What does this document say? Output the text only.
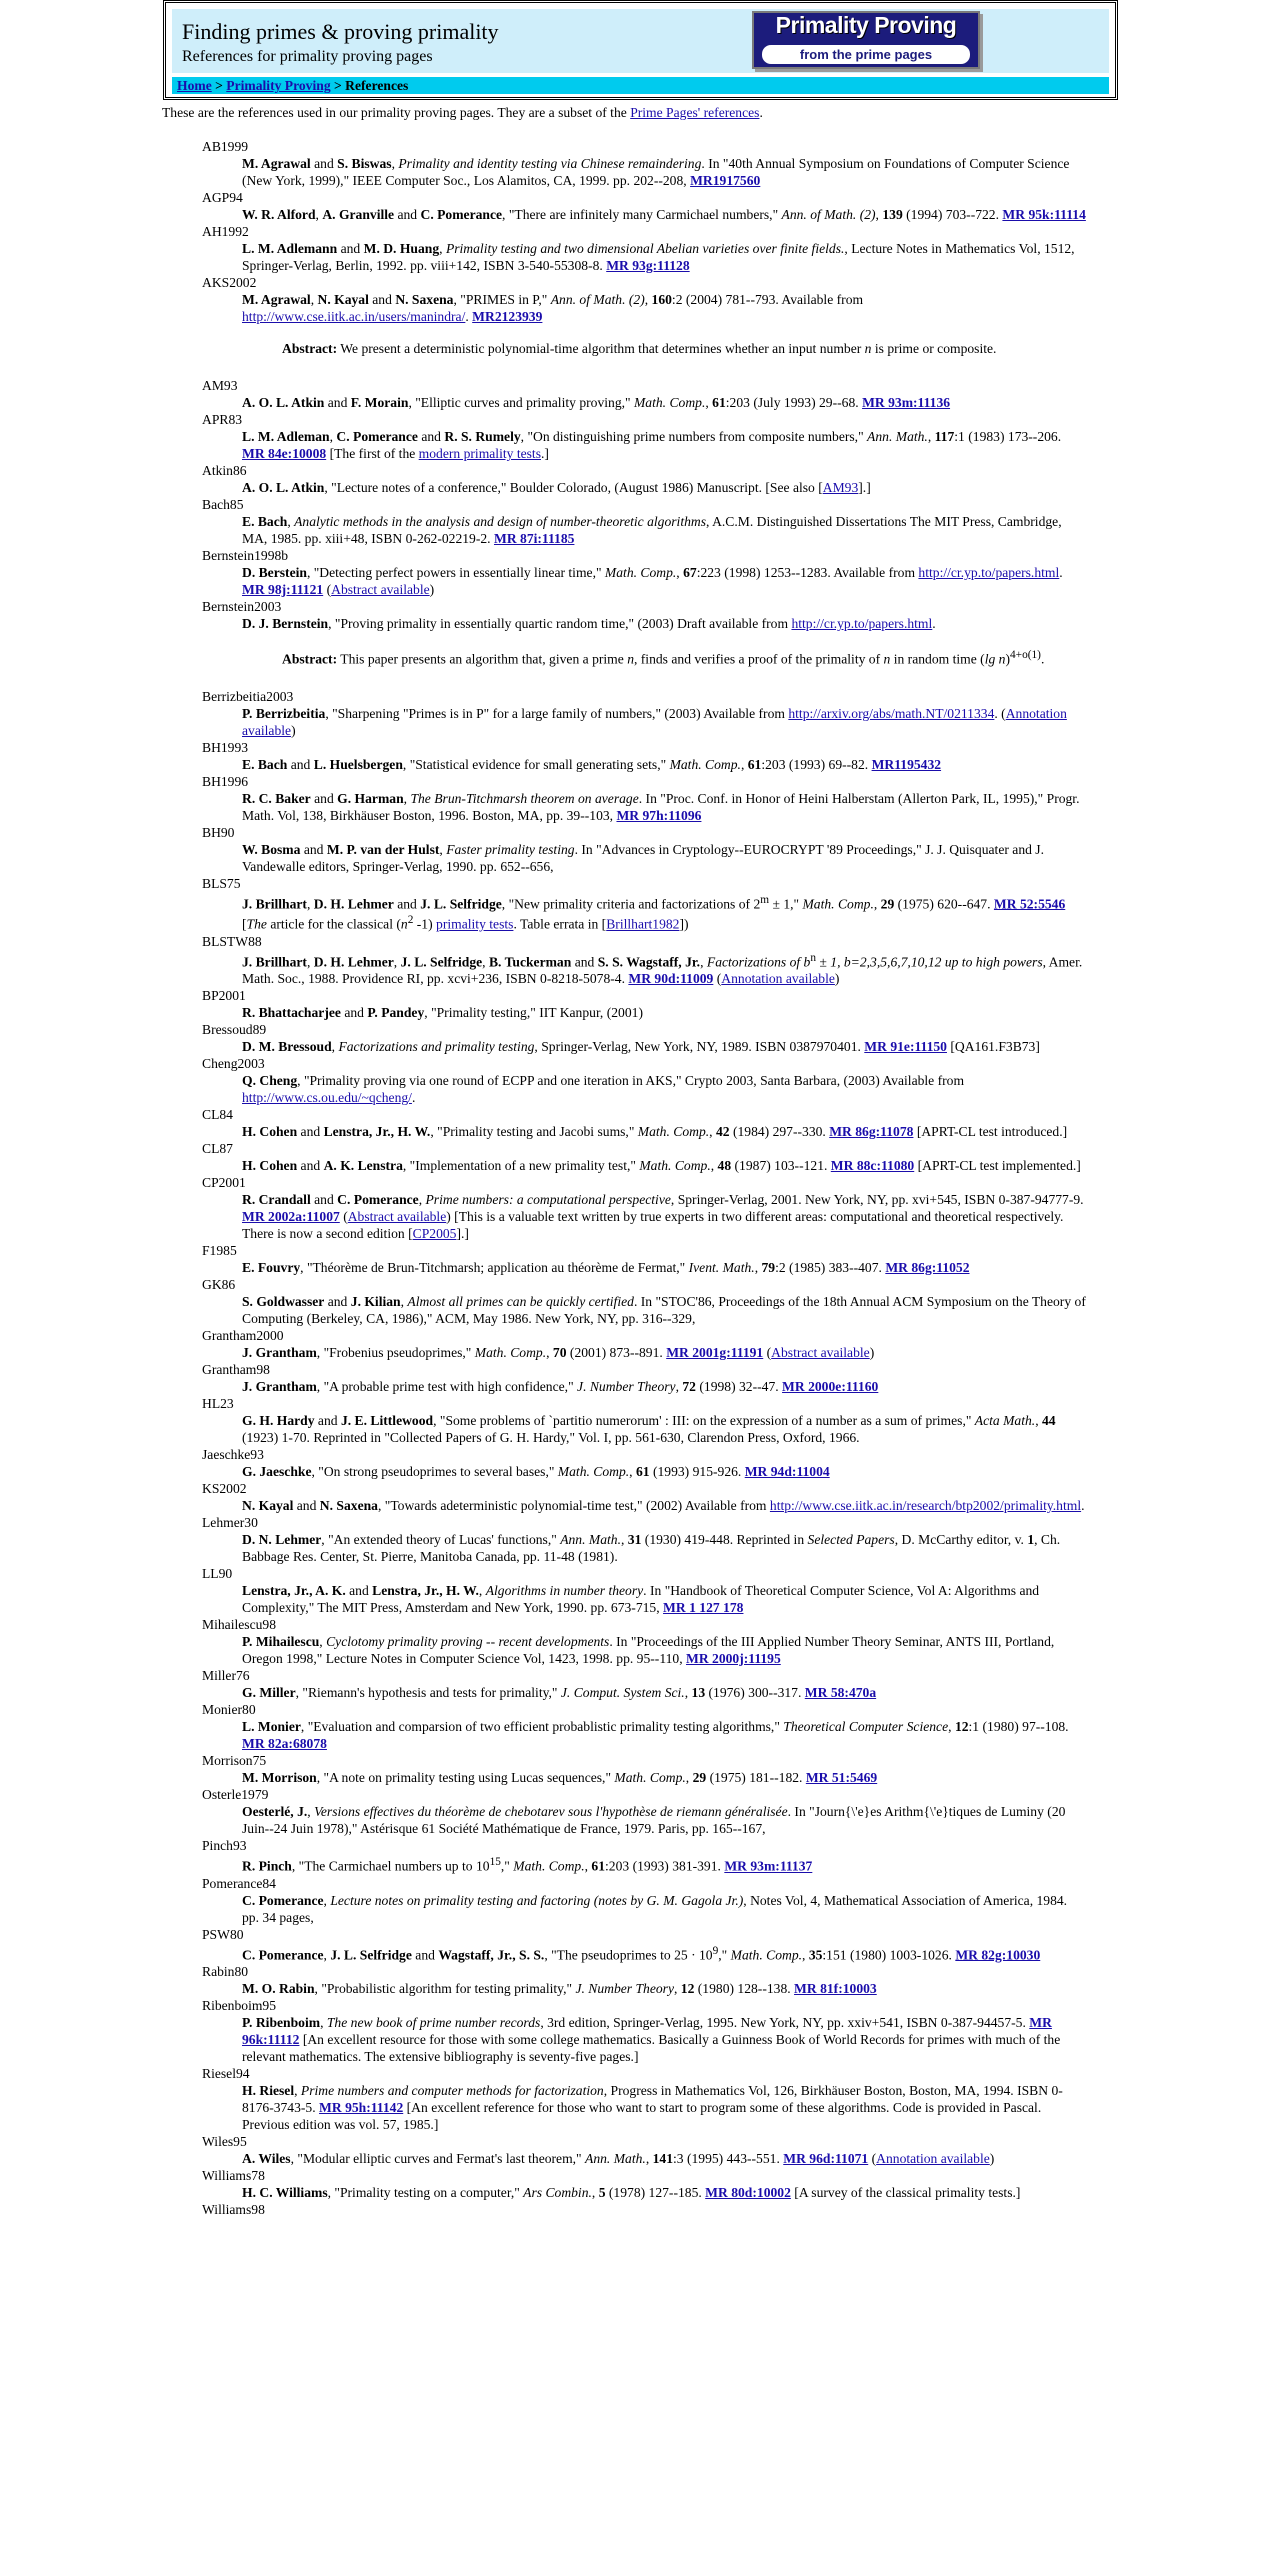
Finding primes & proving primality
References for primality proving pages
Primality Proving
from the prime pages
Home > Primality Proving > References
These are the references used in our primality proving pages. They are a subset of the Prime Pages' references.
AB1999
M. Agrawal and S. Biswas, Primality and identity testing via Chinese remaindering. In "40th Annual Symposium on Foundations of Computer Science (New York, 1999)," IEEE Computer Soc., Los Alamitos, CA, 1999. pp. 202--208, MR1917560
AGP94
W. R. Alford, A. Granville and C. Pomerance, "There are infinitely many Carmichael numbers," Ann. of Math. (2), 139 (1994) 703--722. MR 95k:11114
AH1992
L. M. Adlemann and M. D. Huang, Primality testing and two dimensional Abelian varieties over finite fields., Lecture Notes in Mathematics Vol, 1512, Springer-Verlag, Berlin, 1992. pp. viii+142, ISBN 3-540-55308-8. MR 93g:11128
AKS2002
M. Agrawal, N. Kayal and N. Saxena, "PRIMES in P," Ann. of Math. (2), 160:2 (2004) 781--793. Available from http://www.cse.iitk.ac.in/users/manindra/. MR2123939
Abstract: We present a deterministic polynomial-time algorithm that determines whether an input number n is prime or composite.
AM93
A. O. L. Atkin and F. Morain, "Elliptic curves and primality proving," Math. Comp., 61:203 (July 1993) 29--68. MR 93m:11136
APR83
L. M. Adleman, C. Pomerance and R. S. Rumely, "On distinguishing prime numbers from composite numbers," Ann. Math., 117:1 (1983) 173--206. MR 84e:10008 [The first of the modern primality tests.]
Atkin86
A. O. L. Atkin, "Lecture notes of a conference," Boulder Colorado, (August 1986) Manuscript. [See also [AM93].]
Bach85
E. Bach, Analytic methods in the analysis and design of number-theoretic algorithms, A.C.M. Distinguished Dissertations The MIT Press, Cambridge, MA, 1985. pp. xiii+48, ISBN 0-262-02219-2. MR 87i:11185
Bernstein1998b
D. Berstein, "Detecting perfect powers in essentially linear time," Math. Comp., 67:223 (1998) 1253--1283. Available from http://cr.yp.to/papers.html. MR 98j:11121 (Abstract available)
Bernstein2003
D. J. Bernstein, "Proving primality in essentially quartic random time," (2003) Draft available from http://cr.yp.to/papers.html.
Abstract: This paper presents an algorithm that, given a prime n, finds and verifies a proof of the primality of n in random time (lg n)$^{4+o(1)}$.
Berrizbeitia2003
P. Berrizbeitia, "Sharpening "Primes is in P" for a large family of numbers," (2003) Available from http://arxiv.org/abs/math.NT/0211334. (Annotation available)
BH1993
E. Bach and L. Huelsbergen, "Statistical evidence for small generating sets," Math. Comp., 61:203 (1993) 69--82. MR1195432
BH1996
R. C. Baker and G. Harman, The Brun-Titchmarsh theorem on average. In "Proc. Conf. in Honor of Heini Halberstam (Allerton Park, IL, 1995)," Progr. Math. Vol, 138, Birkhäuser Boston, 1996. Boston, MA, pp. 39--103, MR 97h:11096
BH90
W. Bosma and M. P. van der Hulst, Faster primality testing. In "Advances in Cryptology--EUROCRYPT '89 Proceedings," J. J. Quisquater and J. Vandewalle editors, Springer-Verlag, 1990. pp. 652--656,
BLS75
J. Brillhart, D. H. Lehmer and J. L. Selfridge, "New primality criteria and factorizations of $2^m \pm 1$," Math. Comp., 29 (1975) 620--647. MR 52:5546 [The article for the classical ($n^2$ -1) primality tests. Table errata in [Brillhart1982])
BLSTW88
J. Brillhart, D. H. Lehmer, J. L. Selfridge, B. Tuckerman and S. S. Wagstaff, Jr., Factorizations of $b^n \pm 1$, b=2,3,5,6,7,10,12 up to high powers, Amer. Math. Soc., 1988. Providence RI, pp. xcvi+236, ISBN 0-8218-5078-4. MR 90d:11009 (Annotation available)
BP2001
R. Bhattacharjee and P. Pandey, "Primality testing," IIT Kanpur, (2001)
Bressoud89
D. M. Bressoud, Factorizations and primality testing, Springer-Verlag, New York, NY, 1989. ISBN 0387970401. MR 91e:11150 [QA161.F3B73]
Cheng2003
Q. Cheng, "Primality proving via one round of ECPP and one iteration in AKS," Crypto 2003, Santa Barbara, (2003) Available from http://www.cs.ou.edu/~qcheng/.
CL84
H. Cohen and Lenstra, Jr., H. W., "Primality testing and Jacobi sums," Math. Comp., 42 (1984) 297--330. MR 86g:11078 [APRT-CL test introduced.]
CL87
H. Cohen and A. K. Lenstra, "Implementation of a new primality test," Math. Comp., 48 (1987) 103--121. MR 88c:11080 [APRT-CL test implemented.]
CP2001
R. Crandall and C. Pomerance, Prime numbers: a computational perspective, Springer-Verlag, 2001. New York, NY, pp. xvi+545, ISBN 0-387-94777-9. MR 2002a:11007 (Abstract available) [This is a valuable text written by true experts in two different areas: computational and theoretical respectively. There is now a second edition [CP2005].]
F1985
E. Fouvry, "Théorème de Brun-Titchmarsh; application au théorème de Fermat," Ivent. Math., 79:2 (1985) 383--407. MR 86g:11052
GK86
S. Goldwasser and J. Kilian, Almost all primes can be quickly certified. In "STOC'86, Proceedings of the 18th Annual ACM Symposium on the Theory of Computing (Berkeley, CA, 1986)," ACM, May 1986. New York, NY, pp. 316--329,
Grantham2000
J. Grantham, "Frobenius pseudoprimes," Math. Comp., 70 (2001) 873--891. MR 2001g:11191 (Abstract available)
Grantham98
J. Grantham, "A probable prime test with high confidence," J. Number Theory, 72 (1998) 32--47. MR 2000e:11160
HL23
G. H. Hardy and J. E. Littlewood, "Some problems of `partitio numerorum' : III: on the expression of a number as a sum of primes," Acta Math., 44 (1923) 1-70. Reprinted in "Collected Papers of G. H. Hardy," Vol. I, pp. 561-630, Clarendon Press, Oxford, 1966.
Jaeschke93
G. Jaeschke, "On strong pseudoprimes to several bases," Math. Comp., 61 (1993) 915-926. MR 94d:11004
KS2002
N. Kayal and N. Saxena, "Towards adeterministic polynomial-time test," (2002) Available from http://www.cse.iitk.ac.in/research/btp2002/primality.html.
Lehmer30
D. N. Lehmer, "An extended theory of Lucas' functions," Ann. Math., 31 (1930) 419-448. Reprinted in Selected Papers, D. McCarthy editor, v. 1, Ch. Babbage Res. Center, St. Pierre, Manitoba Canada, pp. 11-48 (1981).
LL90
Lenstra, Jr., A. K. and Lenstra, Jr., H. W., Algorithms in number theory. In "Handbook of Theoretical Computer Science, Vol A: Algorithms and Complexity," The MIT Press, Amsterdam and New York, 1990. pp. 673-715, MR 1 127 178
Mihailescu98
P. Mihailescu, Cyclotomy primality proving -- recent developments. In "Proceedings of the III Applied Number Theory Seminar, ANTS III, Portland, Oregon 1998," Lecture Notes in Computer Science Vol, 1423, 1998. pp. 95--110, MR 2000j:11195
Miller76
G. Miller, "Riemann's hypothesis and tests for primality," J. Comput. System Sci., 13 (1976) 300--317. MR 58:470a
Monier80
L. Monier, "Evaluation and comparsion of two efficient probablistic primality testing algorithms," Theoretical Computer Science, 12:1 (1980) 97--108. MR 82a:68078
Morrison75
M. Morrison, "A note on primality testing using Lucas sequences," Math. Comp., 29 (1975) 181--182. MR 51:5469
Osterle1979
Oesterlé, J., Versions effectives du théorème de chebotarev sous l'hypothèse de riemann généralisée. In "Journ{\'e}es Arithm{\'e}tiques de Luminy (20 Juin--24 Juin 1978)," Astérisque 61 Société Mathématique de France, 1979. Paris, pp. 165--167,
Pinch93
R. Pinch, "The Carmichael numbers up to $10^{15}$," Math. Comp., 61:203 (1993) 381-391. MR 93m:11137
Pomerance84
C. Pomerance, Lecture notes on primality testing and factoring (notes by G. M. Gagola Jr.), Notes Vol, 4, Mathematical Association of America, 1984. pp. 34 pages,
PSW80
C. Pomerance, J. L. Selfridge and Wagstaff, Jr., S. S., "The pseudoprimes to $25 \cdot 10^9$," Math. Comp., 35:151 (1980) 1003-1026. MR 82g:10030
Rabin80
M. O. Rabin, "Probabilistic algorithm for testing primality," J. Number Theory, 12 (1980) 128--138. MR 81f:10003
Ribenboim95
P. Ribenboim, The new book of prime number records, 3rd edition, Springer-Verlag, 1995. New York, NY, pp. xxiv+541, ISBN 0-387-94457-5. MR 96k:11112 [An excellent resource for those with some college mathematics. Basically a Guinness Book of World Records for primes with much of the relevant mathematics. The extensive bibliography is seventy-five pages.]
Riesel94
H. Riesel, Prime numbers and computer methods for factorization, Progress in Mathematics Vol, 126, Birkhäuser Boston, Boston, MA, 1994. ISBN 0-8176-3743-5. MR 95h:11142 [An excellent reference for those who want to start to program some of these algorithms. Code is provided in Pascal. Previous edition was vol. 57, 1985.]
Wiles95
A. Wiles, "Modular elliptic curves and Fermat's last theorem," Ann. Math., 141:3 (1995) 443--551. MR 96d:11071 (Annotation available)
Williams78
H. C. Williams, "Primality testing on a computer," Ars Combin., 5 (1978) 127--185. MR 80d:10002 [A survey of the classical primality tests.]
Williams98
